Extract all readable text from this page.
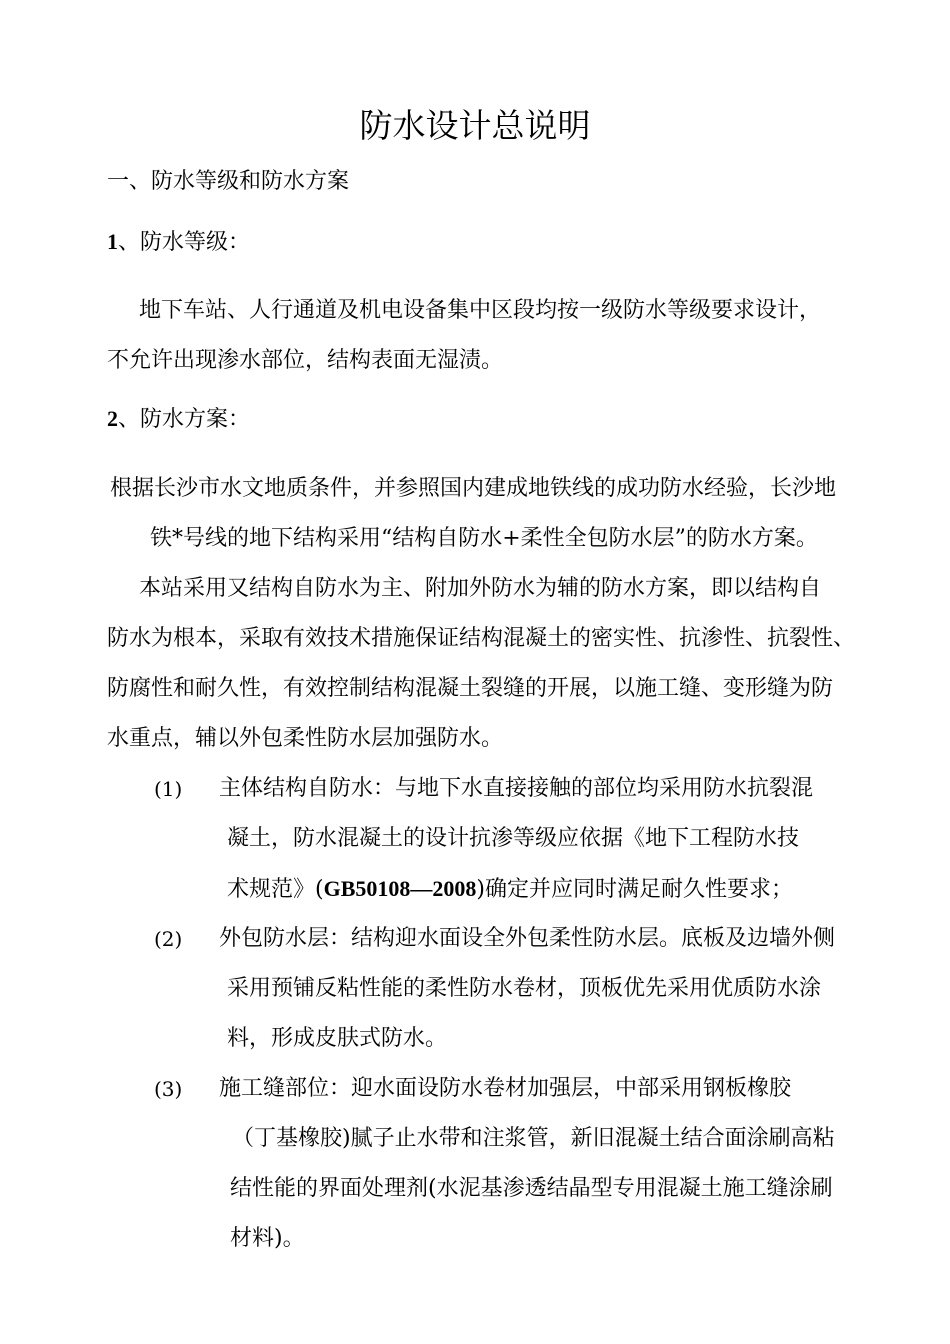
防水设计总说明
一、防水等级和防水方案
1、防水等级：
地下车站、人行通道及机电设备集中区段均按一级防水等级要求设计，
不允许出现渗水部位，结构表面无湿渍。
2、防水方案：
根据长沙市水文地质条件，并参照国内建成地铁线的成功防水经验，长沙地
铁*号线的地下结构采用“结构自防水+柔性全包防水层”的防水方案。
本站采用又结构自防水为主、附加外防水为辅的防水方案，即以结构自
防水为根本，采取有效技术措施保证结构混凝土的密实性、抗渗性、抗裂性、
防腐性和耐久性，有效控制结构混凝土裂缝的开展，以施工缝、变形缝为防
水重点，辅以外包柔性防水层加强防水。
(1) 主体结构自防水：与地下水直接接触的部位均采用防水抗裂混
凝土，防水混凝土的设计抗渗等级应依据《地下工程防水技
术规范》(GB50108—2008)确定并应同时满足耐久性要求；
(2) 外包防水层：结构迎水面设全外包柔性防水层。底板及边墙外侧
采用预铺反粘性能的柔性防水卷材，顶板优先采用优质防水涂
料，形成皮肤式防水。
(3) 施工缝部位：迎水面设防水卷材加强层，中部采用钢板橡胶
（丁基橡胶)腻子止水带和注浆管，新旧混凝土结合面涂刷高粘
结性能的界面处理剂(水泥基渗透结晶型专用混凝土施工缝涂刷
材料)。
